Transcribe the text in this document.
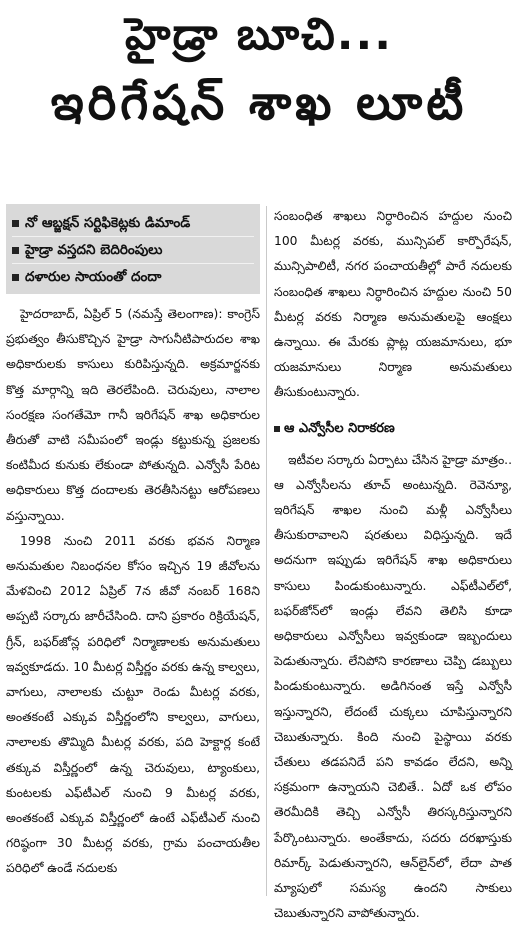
హైడ్రా బూచి...
ఇరిగేషన్ శాఖ లూటీ
నో ఆబ్జక్షన్ సర్టిఫికెట్లకు డిమాండ్
హైడ్రా వస్తదని బెదిరింపులు
దళారుల సాయంతో దందా

హైదరాబాద్, ఏప్రిల్ 5 (నమస్తే తెలంగాణ): కాంగ్రెస్ ప్రభుత్వం తీసుకొచ్చిన హైడ్రా సాగునీటిపారుదల శాఖ అధికారులకు కాసులు కురిపిస్తున్నది. అక్రమార్జనకు కొత్త మార్గాన్ని ఇది తెరలేపింది. చెరువులు, నాలాల సంరక్షణ సంగతేమో గానీ ఇరిగేషన్ శాఖ అధికారుల తీరుతో వాటి సమీపంలో ఇండ్లు కట్టుకున్న ప్రజలకు కంటిమీద కునుకు లేకుండా పోతున్నది. ఎన్వోసీ పేరిట అధికారులు కొత్త దందాలకు తెరతీసినట్టు ఆరోపణలు వస్తున్నాయి.

1998 నుంచి 2011 వరకు భవన నిర్మాణ అనుమతుల నిబంధనల కోసం ఇచ్చిన 19 జీవోలను మేళవించి 2012 ఏప్రిల్ 7న జీవో నంబర్ 168ని అప్పటి సర్కారు జారీచేసింది. దాని ప్రకారం రిక్రియేషన్, గ్రీన్, బఫర్‌జోన్ల పరిధిలో నిర్మాణాలకు అనుమతులు ఇవ్వకూడదు. 10 మీటర్ల విస్తీర్ణం వరకు ఉన్న కాల్వలు, వాగులు, నాలాలకు చుట్టూ రెండు మీటర్ల వరకు, అంతకంటే ఎక్కువ విస్తీర్ణంలోని కాల్వలు, వాగులు, నాలాలకు తొమ్మిది మీటర్ల వరకు, పది హెక్టార్ల కంటే తక్కువ విస్తీర్ణంలో ఉన్న చెరువులు, ట్యాంకులు, కుంటలకు ఎఫ్‌టీఎల్ నుంచి 9 మీటర్ల వరకు, అంతకంటే ఎక్కువ విస్తీర్ణంలో ఉంటే ఎఫ్‌టీఎల్ నుంచి గరిష్ఠంగా 30 మీటర్ల వరకు, గ్రామ పంచాయతీల పరిధిలో ఉండే నదులకు

సంబంధిత శాఖలు నిర్ధారించిన హద్దుల నుంచి 100 మీటర్ల వరకు, మున్సిపల్ కార్పొరేషన్, మున్సిపాలిటీ, నగర పంచాయతీల్లో పారే నదులకు సంబంధిత శాఖలు నిర్ధారించిన హద్దుల నుంచి 50 మీటర్ల వరకు నిర్మాణ అనుమతులపై ఆంక్షలు ఉన్నాయి. ఈ మేరకు ప్లాట్ల యజమానులు, భూ యజమానులు నిర్మాణ అనుమతులు తీసుకుంటున్నారు.

ఆ ఎన్వోసీల నిరాకరణ

ఇటీవల సర్కారు ఏర్పాటు చేసిన హైడ్రా మాత్రం.. ఆ ఎన్వోసీలను తూచ్ అంటున్నది. రెవెన్యూ, ఇరిగేషన్ శాఖల నుంచి మళ్లీ ఎన్వోసీలు తీసుకురావాలని షరతులు విధిస్తున్నది. ఇదే అదనుగా ఇప్పుడు ఇరిగేషన్ శాఖ అధికారులు కాసులు పిండుకుంటున్నారు. ఎఫ్‌టీఎల్‌లో, బఫర్‌జోన్‌లో ఇండ్లు లేవని తెలిసి కూడా అధికారులు ఎన్వోసీలు ఇవ్వకుండా ఇబ్బందులు పెడుతున్నారు. లేనిపోని కారణాలు చెప్పి డబ్బులు పిండుకుంటున్నారు. అడిగినంత ఇస్తే ఎన్వోసీ ఇస్తున్నారని, లేదంటే చుక్కలు చూపిస్తున్నారని చెబుతున్నారు. కింది నుంచి పైస్థాయి వరకు చేతులు తడపనిదే పని కావడం లేదని, అన్ని సక్రమంగా ఉన్నాయని చెబితే.. ఏదో ఒక లోపం తెరమీదికి తెచ్చి ఎన్వోసీ తిరస్కరిస్తున్నారని పేర్కొంటున్నారు. అంతేకాదు, సదరు దరఖాస్తుకు రిమార్క్ పెడుతున్నారని, ఆన్‌లైన్‌లో, లేదా పాత మ్యాపులో సమస్య ఉందని సాకులు చెబుతున్నారని వాపోతున్నారు.
